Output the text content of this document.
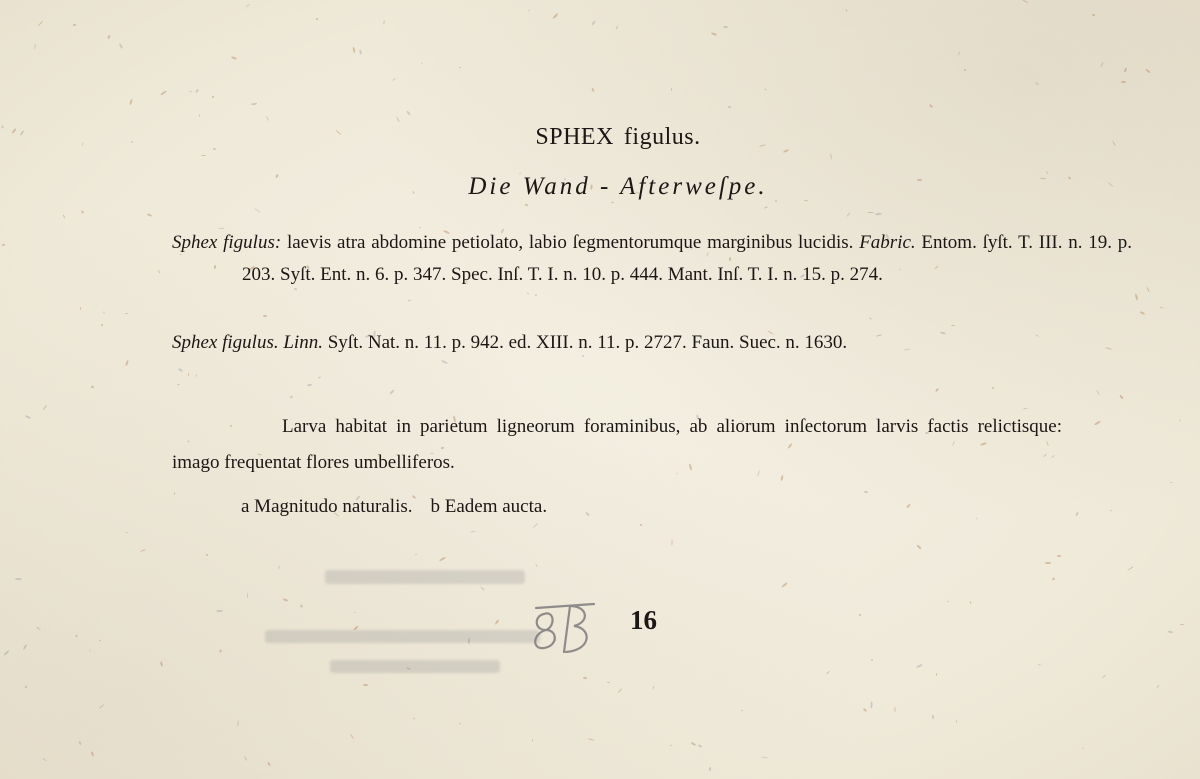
SPHEX figulus.
Die Wand - Afterweſpe.
Sphex figulus: laevis atra abdomine petiolato, labio ſegmentorumque marginibus lucidis. Fabric. Entom. ſyſt. T. III. n. 19. p. 203. Syſt. Ent. n. 6. p. 347. Spec. Inſ. T. I. n. 10. p. 444. Mant. Inſ. T. I. n. 15. p. 274.
Sphex figulus. Linn. Syſt. Nat. n. 11. p. 942. ed. XIII. n. 11. p. 2727. Faun. Suec. n. 1630.
Larva habitat in parietum ligneorum foraminibus, ab aliorum inſectorum larvis factis relictisque: imago frequentat flores umbelliferos.
a Magnitudo naturalis. b Eadem aucta.
16
